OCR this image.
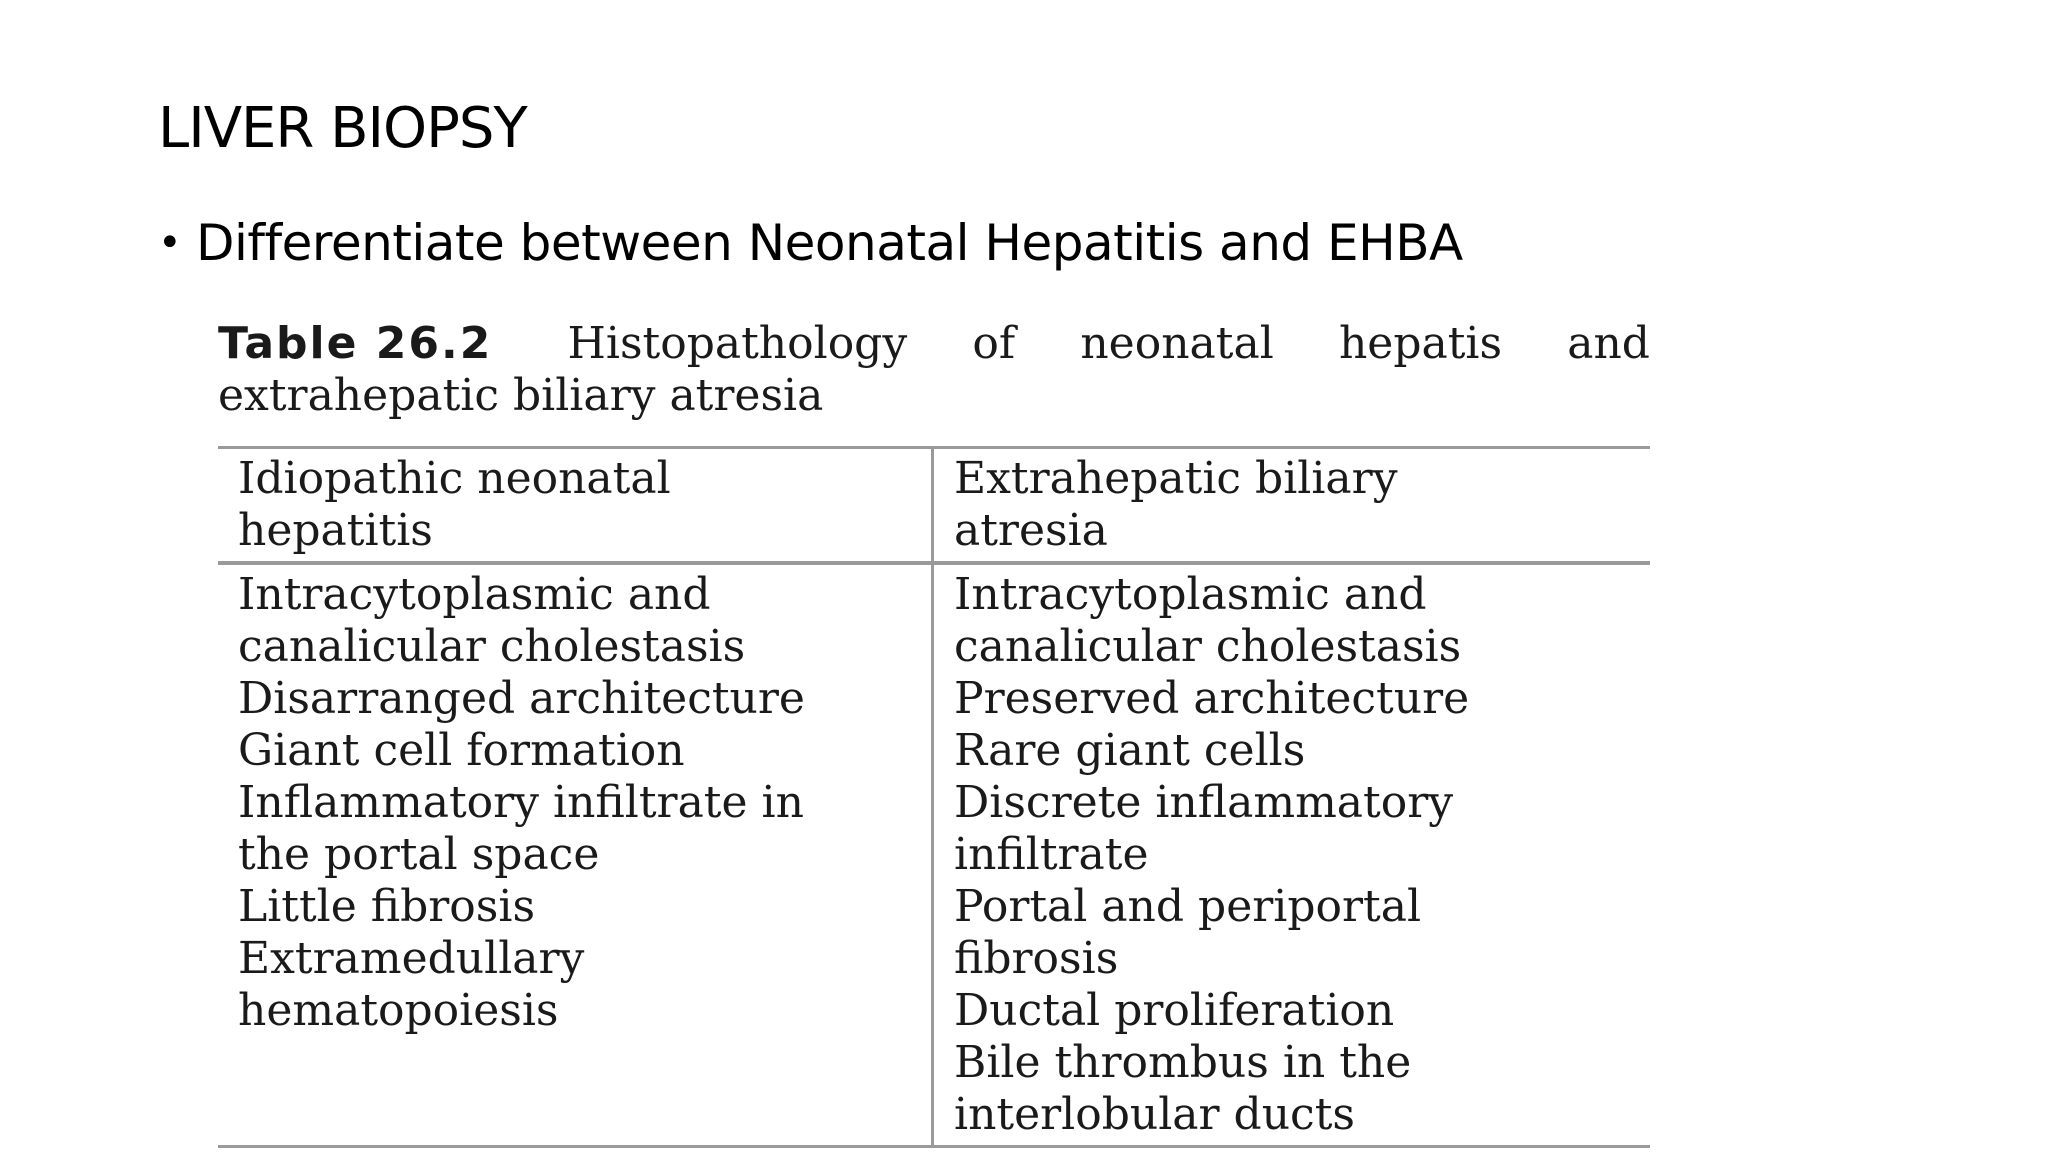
LIVER BIOPSY
• Differentiate between Neonatal Hepatitis and EHBA
Table 26.2 Histopathology of neonatal hepatis and
extrahepatic biliary atresia
Idiopathic neonatal
hepatitis
Extrahepatic biliary
atresia
Intracytoplasmic and
canalicular cholestasis
Disarranged architecture
Giant cell formation
Inflammatory infiltrate in
the portal space
Little fibrosis
Extramedullary
hematopoiesis
Intracytoplasmic and
canalicular cholestasis
Preserved architecture
Rare giant cells
Discrete inflammatory
infiltrate
Portal and periportal
fibrosis
Ductal proliferation
Bile thrombus in the
interlobular ducts
